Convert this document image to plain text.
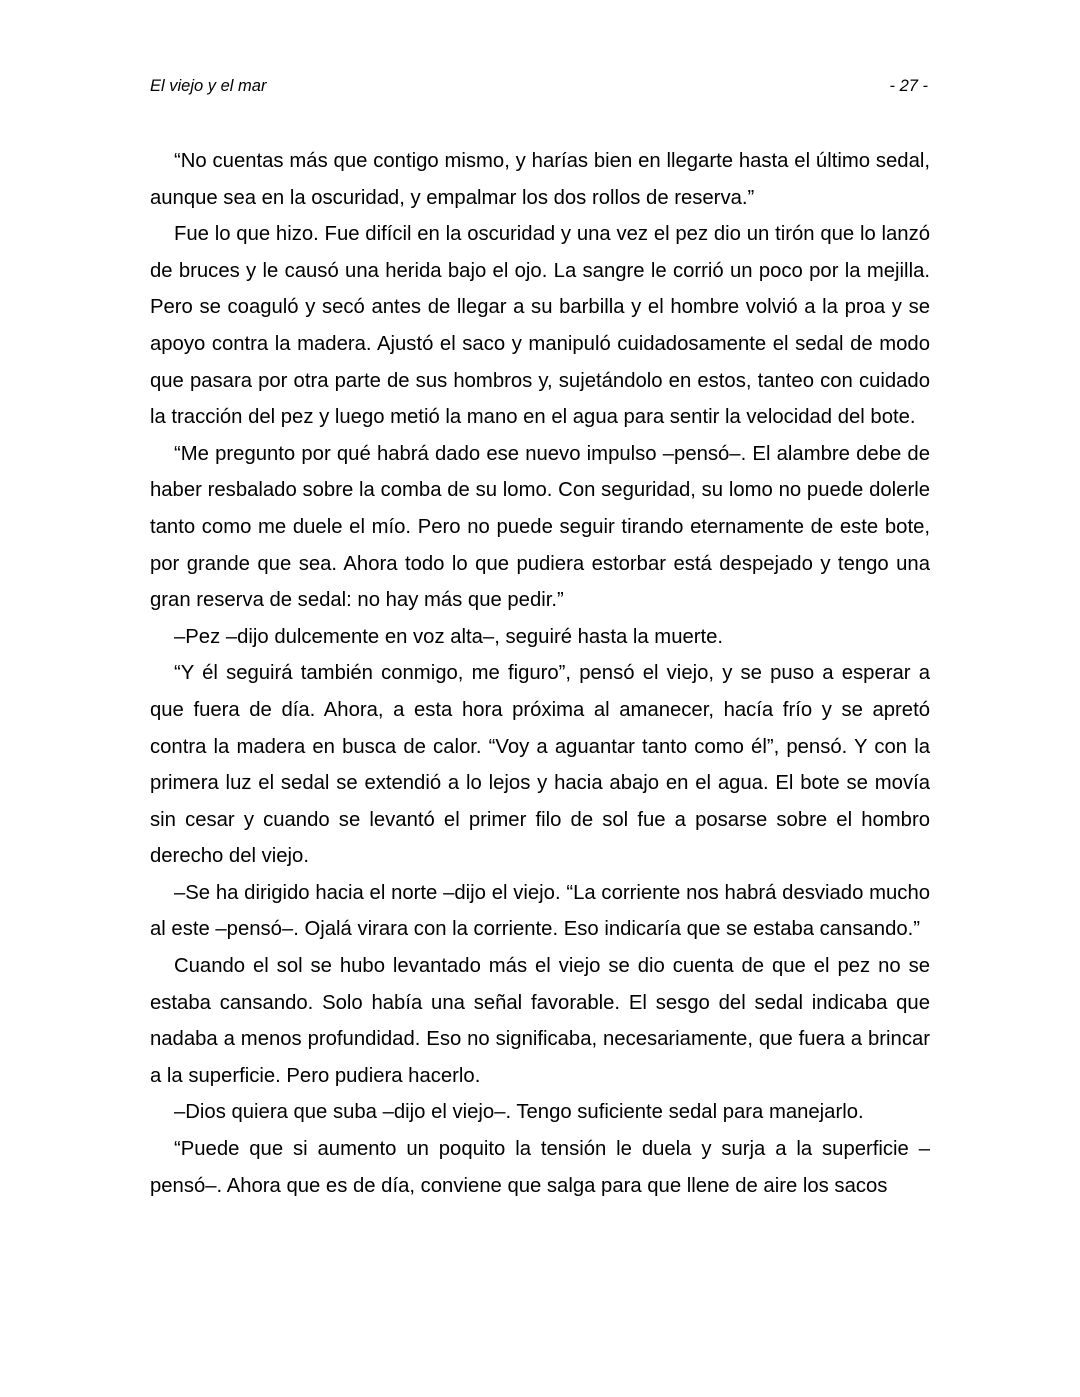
El viejo y el mar	- 27 -

“No cuentas más que contigo mismo, y harías bien en llegarte hasta el último sedal, aunque sea en la oscuridad, y empalmar los dos rollos de reserva.”

Fue lo que hizo. Fue difícil en la oscuridad y una vez el pez dio un tirón que lo lanzó de bruces y le causó una herida bajo el ojo. La sangre le corrió un poco por la mejilla. Pero se coaguló y secó antes de llegar a su barbilla y el hombre volvió a la proa y se apoyo contra la madera. Ajustó el saco y manipuló cuidadosamente el sedal de modo que pasara por otra parte de sus hombros y, sujetándolo en estos, tanteo con cuidado la tracción del pez y luego metió la mano en el agua para sentir la velocidad del bote.

“Me pregunto por qué habrá dado ese nuevo impulso –pensó–. El alambre debe de haber resbalado sobre la comba de su lomo. Con seguridad, su lomo no puede dolerle tanto como me duele el mío. Pero no puede seguir tirando eternamente de este bote, por grande que sea. Ahora todo lo que pudiera estorbar está despejado y tengo una gran reserva de sedal: no hay más que pedir.”

–Pez –dijo dulcemente en voz alta–, seguiré hasta la muerte.

“Y él seguirá también conmigo, me figuro”, pensó el viejo, y se puso a esperar a que fuera de día. Ahora, a esta hora próxima al amanecer, hacía frío y se apretó contra la madera en busca de calor. “Voy a aguantar tanto como él”, pensó. Y con la primera luz el sedal se extendió a lo lejos y hacia abajo en el agua. El bote se movía sin cesar y cuando se levantó el primer filo de sol fue a posarse sobre el hombro derecho del viejo.

–Se ha dirigido hacia el norte –dijo el viejo. “La corriente nos habrá desviado mucho al este –pensó–. Ojalá virara con la corriente. Eso indicaría que se estaba cansando.”

Cuando el sol se hubo levantado más el viejo se dio cuenta de que el pez no se estaba cansando. Solo había una señal favorable. El sesgo del sedal indicaba que nadaba a menos profundidad. Eso no significaba, necesariamente, que fuera a brincar a la superficie. Pero pudiera hacerlo.

–Dios quiera que suba –dijo el viejo–. Tengo suficiente sedal para manejarlo.

“Puede que si aumento un poquito la tensión le duela y surja a la superficie –pensó–. Ahora que es de día, conviene que salga para que llene de aire los sacos
